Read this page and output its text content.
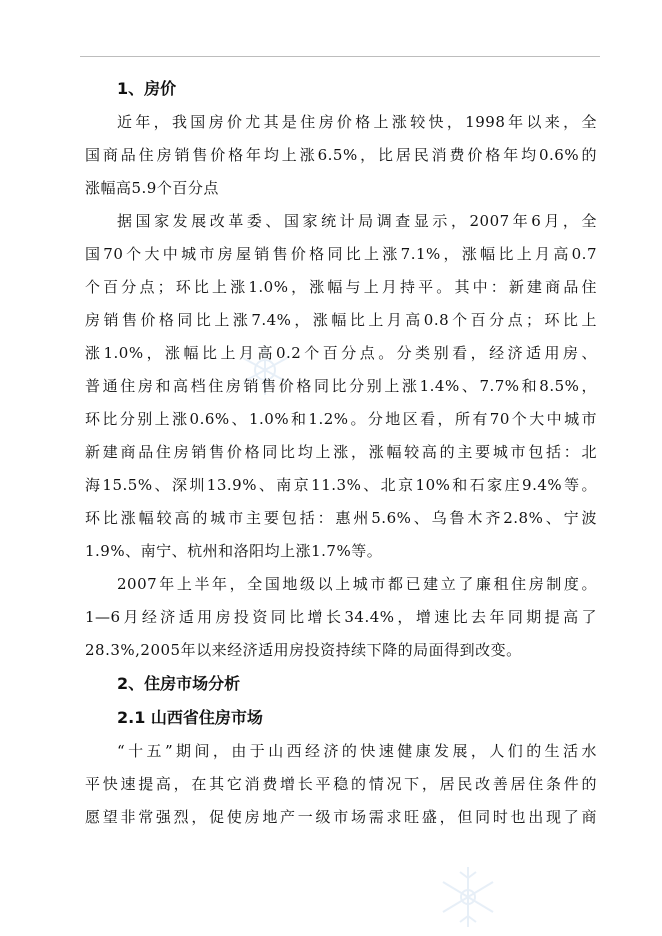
1、房价
近年，我国房价尤其是住房价格上涨较快，1998年以来，全
国商品住房销售价格年均上涨6.5%，比居民消费价格年均0.6%的
涨幅高5.9个百分点
据国家发展改革委、国家统计局调查显示，2007年6月，全
国70个大中城市房屋销售价格同比上涨7.1%，涨幅比上月高0.7
个百分点；环比上涨1.0%，涨幅与上月持平。其中：新建商品住
房销售价格同比上涨7.4%，涨幅比上月高0.8个百分点；环比上
涨1.0%，涨幅比上月高0.2个百分点。分类别看，经济适用房、
普通住房和高档住房销售价格同比分别上涨1.4%、7.7%和8.5%，
环比分别上涨0.6%、1.0%和1.2%。分地区看，所有70个大中城市
新建商品住房销售价格同比均上涨，涨幅较高的主要城市包括：北
海15.5%、深圳13.9%、南京11.3%、北京10%和石家庄9.4%等。
环比涨幅较高的城市主要包括：惠州5.6%、乌鲁木齐2.8%、宁波
1.9%、南宁、杭州和洛阳均上涨1.7%等。
2007年上半年，全国地级以上城市都已建立了廉租住房制度。
1—6月经济适用房投资同比增长34.4%，增速比去年同期提高了
28.3%,2005年以来经济适用房投资持续下降的局面得到改变。
2、住房市场分析
2.1 山西省住房市场
“十五”期间，由于山西经济的快速健康发展，人们的生活水
平快速提高，在其它消费增长平稳的情况下，居民改善居住条件的
愿望非常强烈，促使房地产一级市场需求旺盛，但同时也出现了商
